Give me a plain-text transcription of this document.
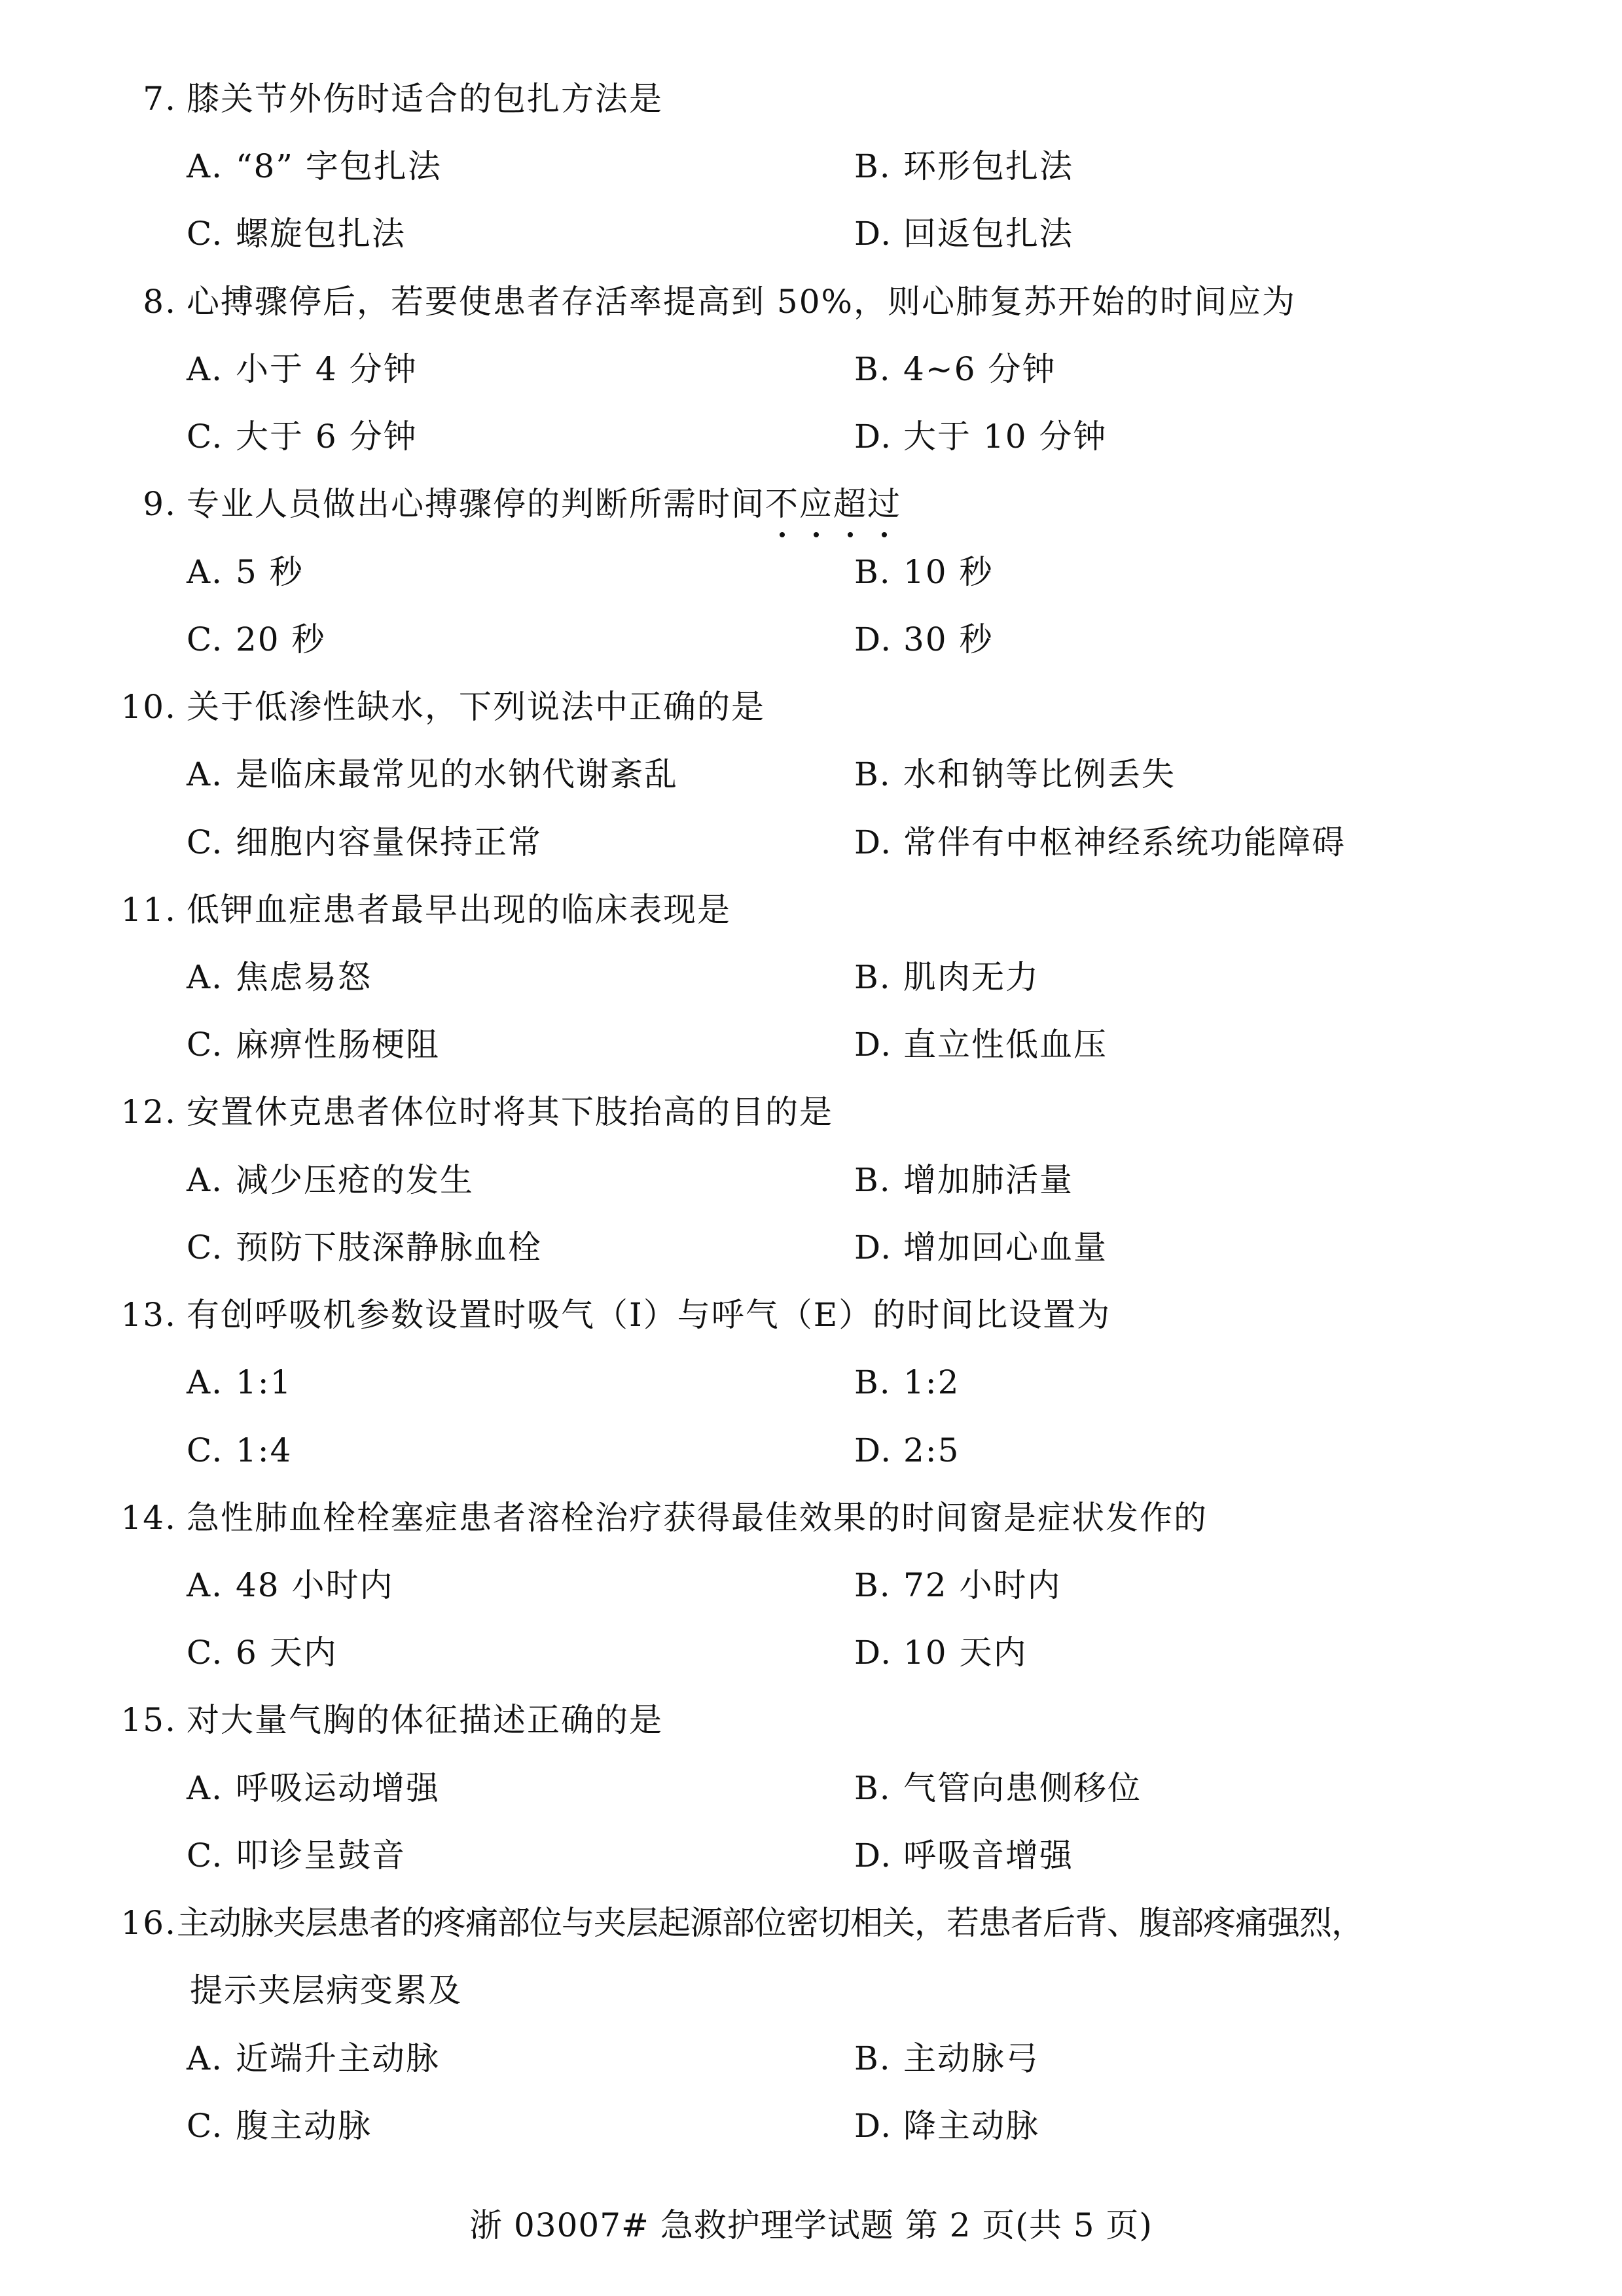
7. 膝关节外伤时适合的包扎方法是
A. “8” 字包扎法	B. 环形包扎法
C. 螺旋包扎法	D. 回返包扎法
8. 心搏骤停后，若要使患者存活率提高到 50%，则心肺复苏开始的时间应为
A. 小于 4 分钟	B. 4~6 分钟
C. 大于 6 分钟	D. 大于 10 分钟
9. 专业人员做出心搏骤停的判断所需时间不应超过
A. 5 秒	B. 10 秒
C. 20 秒	D. 30 秒
10. 关于低渗性缺水，下列说法中正确的是
A. 是临床最常见的水钠代谢紊乱	B. 水和钠等比例丢失
C. 细胞内容量保持正常	D. 常伴有中枢神经系统功能障碍
11. 低钾血症患者最早出现的临床表现是
A. 焦虑易怒	B. 肌肉无力
C. 麻痹性肠梗阻	D. 直立性低血压
12. 安置休克患者体位时将其下肢抬高的目的是
A. 减少压疮的发生	B. 增加肺活量
C. 预防下肢深静脉血栓	D. 增加回心血量
13. 有创呼吸机参数设置时吸气（I）与呼气（E）的时间比设置为
A. 1:1	B. 1:2
C. 1:4	D. 2:5
14. 急性肺血栓栓塞症患者溶栓治疗获得最佳效果的时间窗是症状发作的
A. 48 小时内	B. 72 小时内
C. 6 天内	D. 10 天内
15. 对大量气胸的体征描述正确的是
A. 呼吸运动增强	B. 气管向患侧移位
C. 叩诊呈鼓音	D. 呼吸音增强
16. 主动脉夹层患者的疼痛部位与夹层起源部位密切相关，若患者后背、腹部疼痛强烈，
提示夹层病变累及
A. 近端升主动脉	B. 主动脉弓
C. 腹主动脉	D. 降主动脉
浙 03007# 急救护理学试题 第 2 页(共 5 页)
